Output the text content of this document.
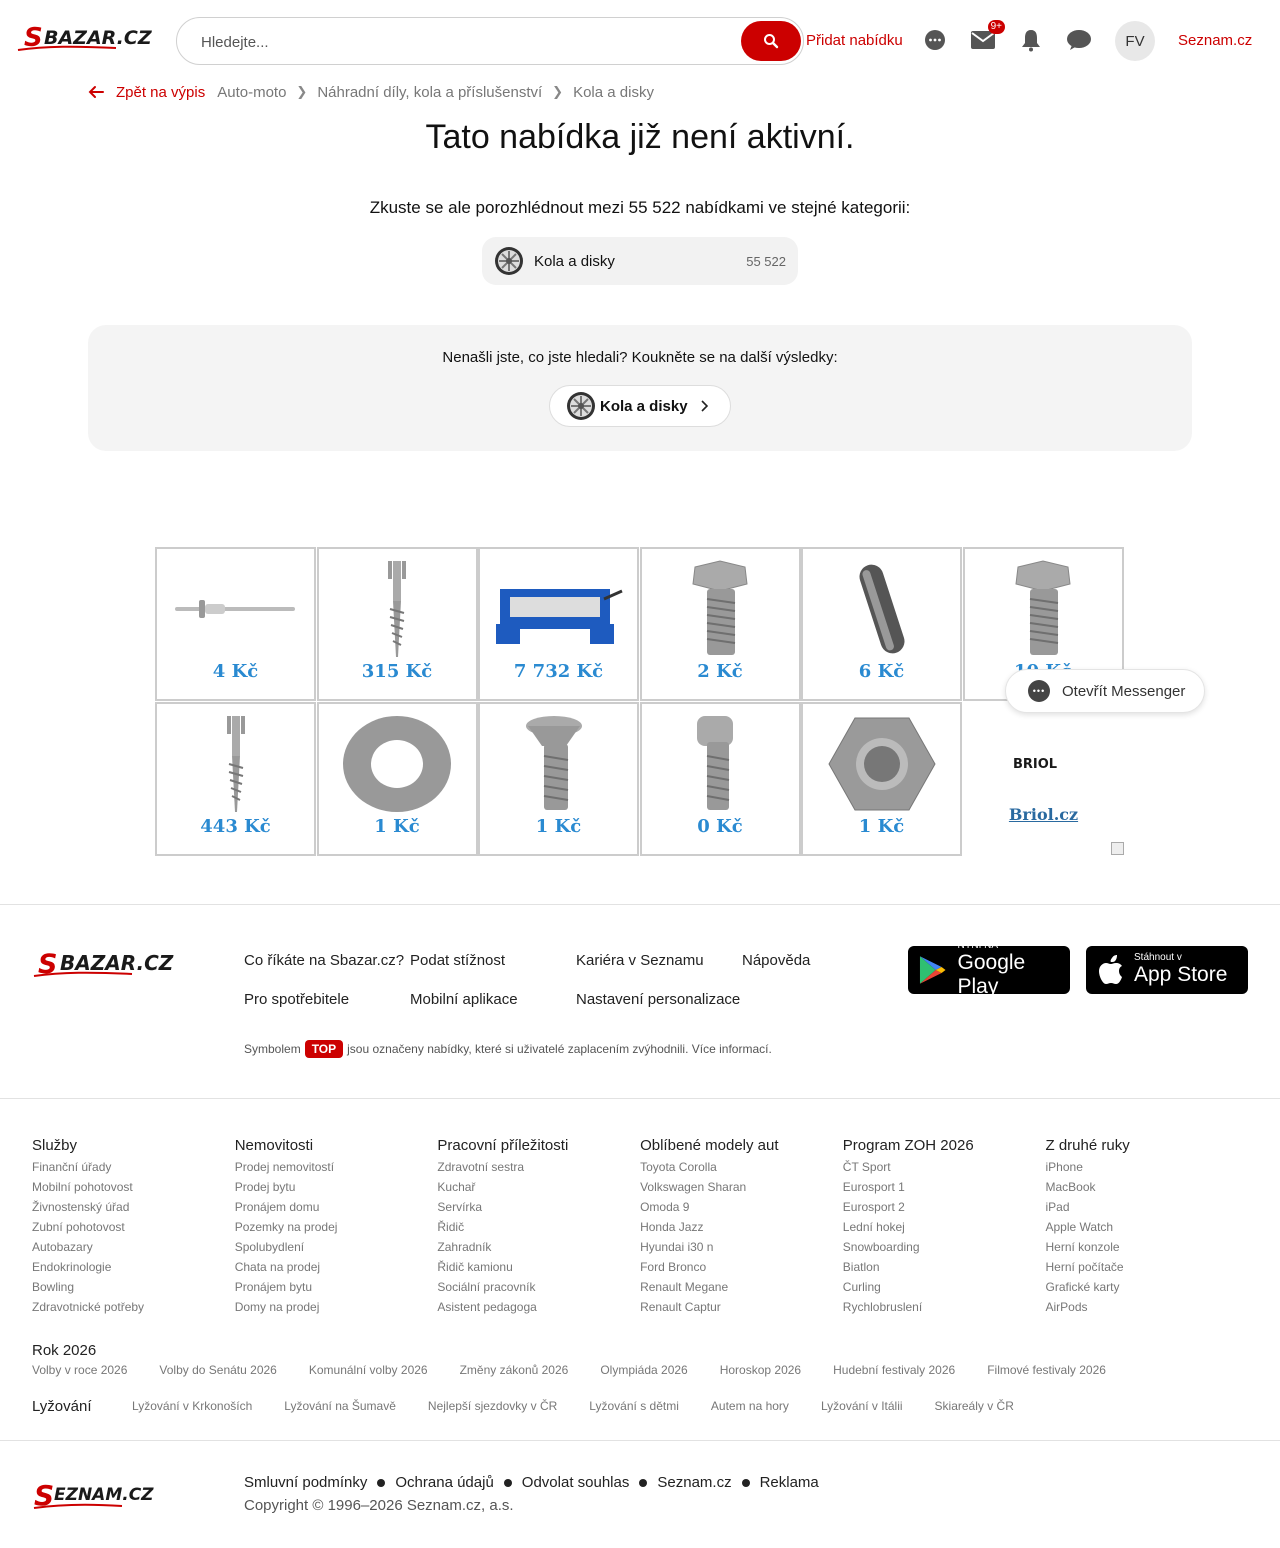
S BAZAR.CZ
Hledejte...	Přidat nabídku
9+
FV	Seznam.cz
Zpět na výpis Auto-moto ❯ Náhradní díly, kola a příslušenství ❯ Kola a disky
Tato nabídka již není aktivní.
Zkuste se ale porozhlédnout mezi 55 522 nabídkami ve stejné kategorii:
Kola a disky	55 522
Nenašli jste, co jste hledali? Koukněte se na další výsledky:
Kola a disky
1 Kč
0 Kč
1 Kč
1 Kč
443 Kč
6 Kč
2 Kč
7 732 Kč
315 Kč
4 Kč
BRIOL
Briol.cz
•••	Otevřít Messenger
S BAZAR.CZ	Co říkáte na Sbazar.cz? Podat stížnost	Kariéra v Seznamu	Nápověda
Pro spotřebitele	Mobilní aplikace	Nastavení personalizace
Symbolem TOP jsou označeny nabídky, které si uživatelé zaplacením zvýhodnili. Více informací.
NYNÍ NA
Google Play
Stáhnout v
App Store
Služby
Finanční úřady
Mobilní pohotovost
Živnostenský úřad
Zubní pohotovost
Autobazary
Endokrinologie
Bowling
Zdravotnické potřeby
Nemovitosti
Prodej nemovitostí
Prodej bytu
Pronájem domu
Pozemky na prodej
Spolubydlení
Chata na prodej
Pronájem bytu
Domy na prodej
Pracovní příležitosti
Zdravotní sestra
Kuchař
Servírka
Řidič
Zahradník
Řidič kamionu
Sociální pracovník
Asistent pedagoga
Oblíbené modely aut
Toyota Corolla
Volkswagen Sharan
Omoda 9
Honda Jazz
Hyundai i30 n
Ford Bronco
Renault Megane
Renault Captur
Program ZOH 2026
ČT Sport
Eurosport 1
Eurosport 2
Lední hokej
Snowboarding
Biatlon
Curling
Rychlobruslení
Z druhé ruky
iPhone
MacBook
iPad
Apple Watch
Herní konzole
Herní počítače
Grafické karty
AirPods
Rok 2026
Volby v roce 2026	Volby do Senátu 2026	Komunální volby 2026	Změny zákonů 2026	Olympiáda 2026	Horoskop 2026	Hudební festivaly 2026	Filmové festivaly 2026
Lyžování	Lyžování v Krkonoších	Lyžování na Šumavě	Nejlepší sjezdovky v ČR	Lyžování s dětmi	Autem na hory	Lyžování v Itálii	Skiareály v ČR
S EZNAM.CZ
Smluvní podmínky Ochrana údajů Odvolat souhlas Seznam.cz Reklama
Copyright © 1996–2026 Seznam.cz, a.s.
